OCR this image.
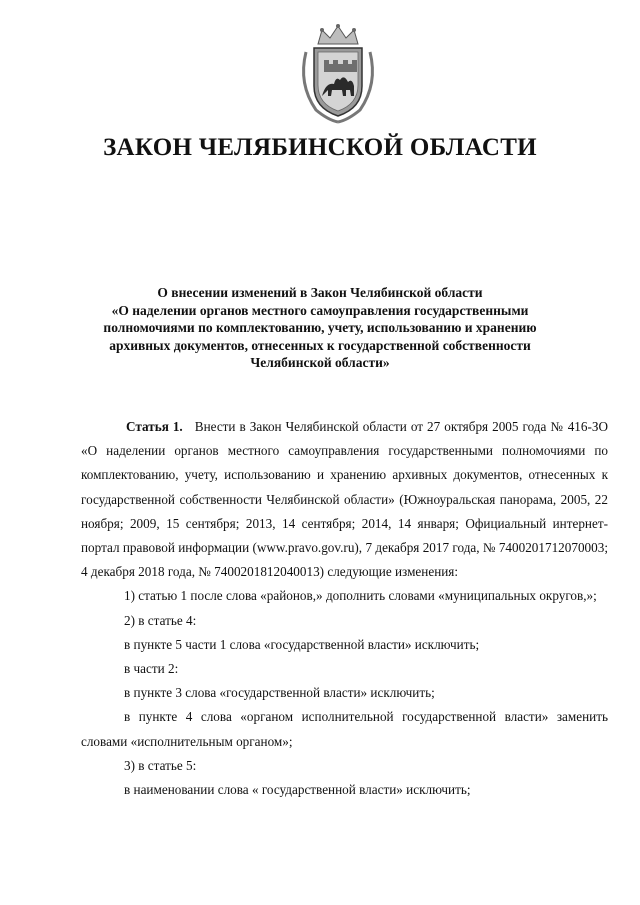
ЗАКОН ЧЕЛЯБИНСКОЙ ОБЛАСТИ
О внесении изменений в Закон Челябинской области
«О наделении органов местного самоуправления государственными
полномочиями по комплектованию, учету, использованию и хранению
архивных документов, отнесенных к государственной собственности
Челябинской области»

Статья 1. Внести в Закон Челябинской области от 27 октября 2005 года № 416-ЗО «О наделении органов местного самоуправления государственными полномочиями по комплектованию, учету, использованию и хранению архивных документов, отнесенных к государственной собственности Челябинской области» (Южноуральская панорама, 2005, 22 ноября; 2009, 15 сентября; 2013, 14 сентября; 2014, 14 января; Официальный интернет-портал правовой информации (www.pravo.gov.ru), 7 декабря 2017 года, № 7400201712070003; 4 декабря 2018 года, № 7400201812040013) следующие изменения:

1) статью 1 после слова «районов,» дополнить словами «муниципальных округов,»;

2) в статье 4:

в пункте 5 части 1 слова «государственной власти» исключить;

в части 2:

в пункте 3 слова «государственной власти» исключить;

в пункте 4 слова «органом исполнительной государственной власти» заменить словами «исполнительным органом»;

3) в статье 5:

в наименовании слова « государственной власти» исключить;
